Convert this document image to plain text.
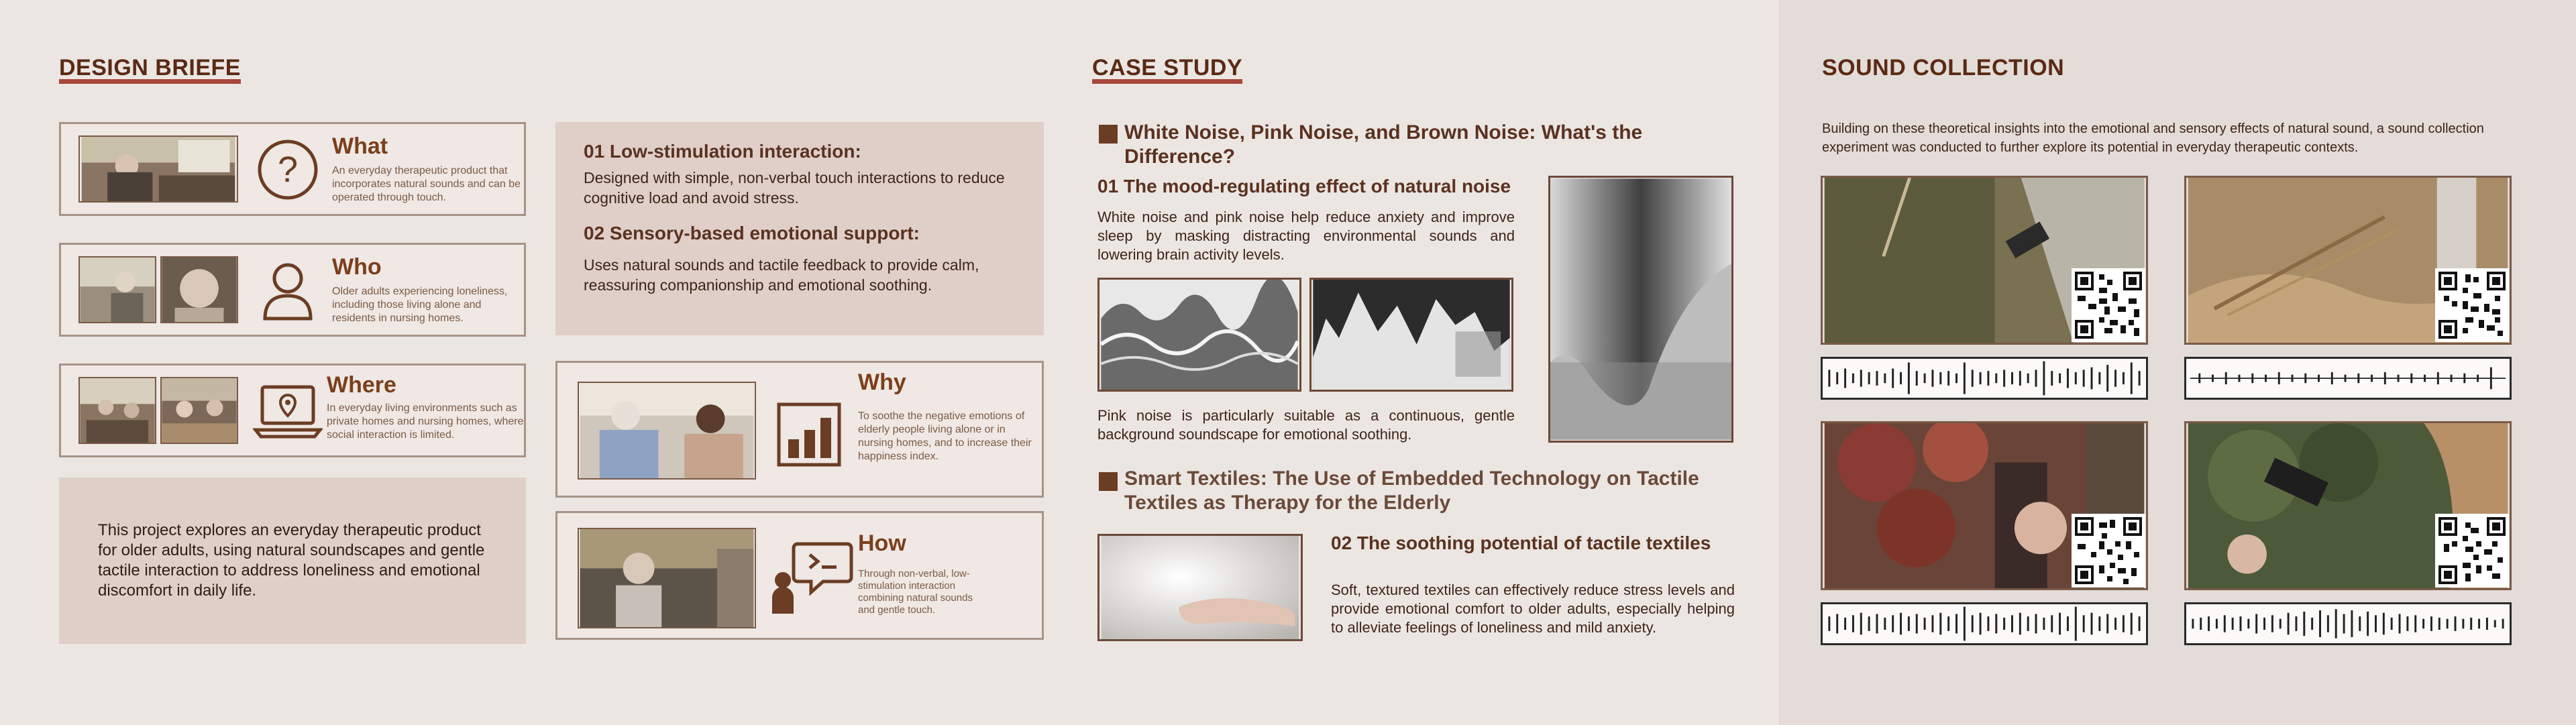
DESIGN BRIEFE
?
What
An everyday therapeutic product that incorporates natural sounds and can be operated through touch.
Who
Older adults experiencing loneliness, including those living alone and residents in nursing homes.
Where
In everyday living environments such as private homes and nursing homes, where social interaction is limited.
This project explores an everyday therapeutic product for older adults, using natural soundscapes and gentle tactile interaction to address loneliness and emotional discomfort in daily life.
01 Low-stimulation interaction:
Designed with simple, non-verbal touch interactions to reduce cognitive load and avoid stress.
02 Sensory-based emotional support:
Uses natural sounds and tactile feedback to provide calm, reassuring companionship and emotional soothing.
Why
To soothe the negative emotions of elderly people living alone or in nursing homes, and to increase their happiness index.
How
Through non-verbal, low-stimulation interaction combining natural sounds and gentle touch.
CASE STUDY
White Noise, Pink Noise, and Brown Noise: What's the Difference?
01 The mood-regulating effect of natural noise
White noise and pink noise help reduce anxiety and improve sleep by masking distracting environmental sounds and lowering brain activity levels.
Pink noise is particularly suitable as a continuous, gentle background soundscape for emotional soothing.
Smart Textiles: The Use of Embedded Technology on Tactile Textiles as Therapy for the Elderly
02 The soothing potential of tactile textiles
Soft, textured textiles can effectively reduce stress levels and provide emotional comfort to older adults, especially helping to alleviate feelings of loneliness and mild anxiety.
SOUND COLLECTION
Building on these theoretical insights into the emotional and sensory effects of natural sound, a sound collection experiment was conducted to further explore its potential in everyday therapeutic contexts.
